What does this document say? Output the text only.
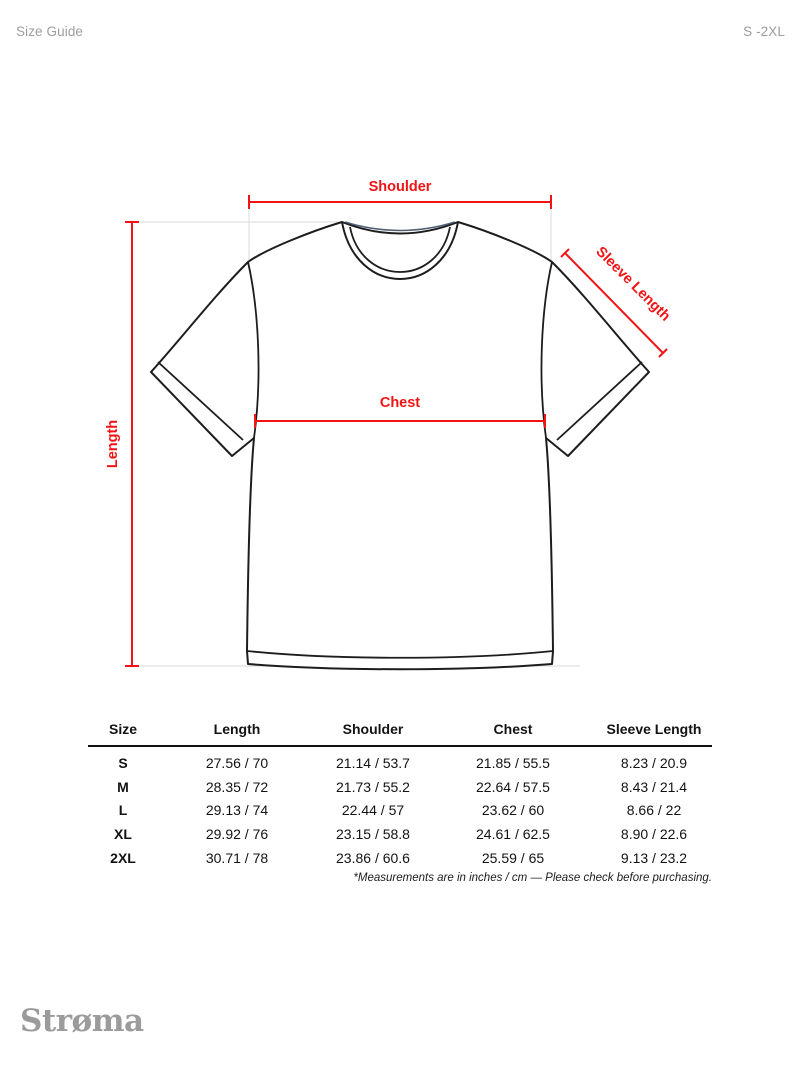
Size Guide	S -2XL
Shoulder
Chest
Length
Sleeve Length
Size	Length	Shoulder	Chest	Sleeve Length
S	27.56 / 70	21.14 / 53.7	21.85 / 55.5	8.23 / 20.9
M	28.35 / 72	21.73 / 55.2	22.64 / 57.5	8.43 / 21.4
L	29.13 / 74	22.44 / 57	23.62 / 60	8.66 / 22
XL	29.92 / 76	23.15 / 58.8	24.61 / 62.5	8.90 / 22.6
2XL	30.71 / 78	23.86 / 60.6	25.59 / 65	9.13 / 23.2
*Measurements are in inches / cm — Please check before purchasing.
Strøma
